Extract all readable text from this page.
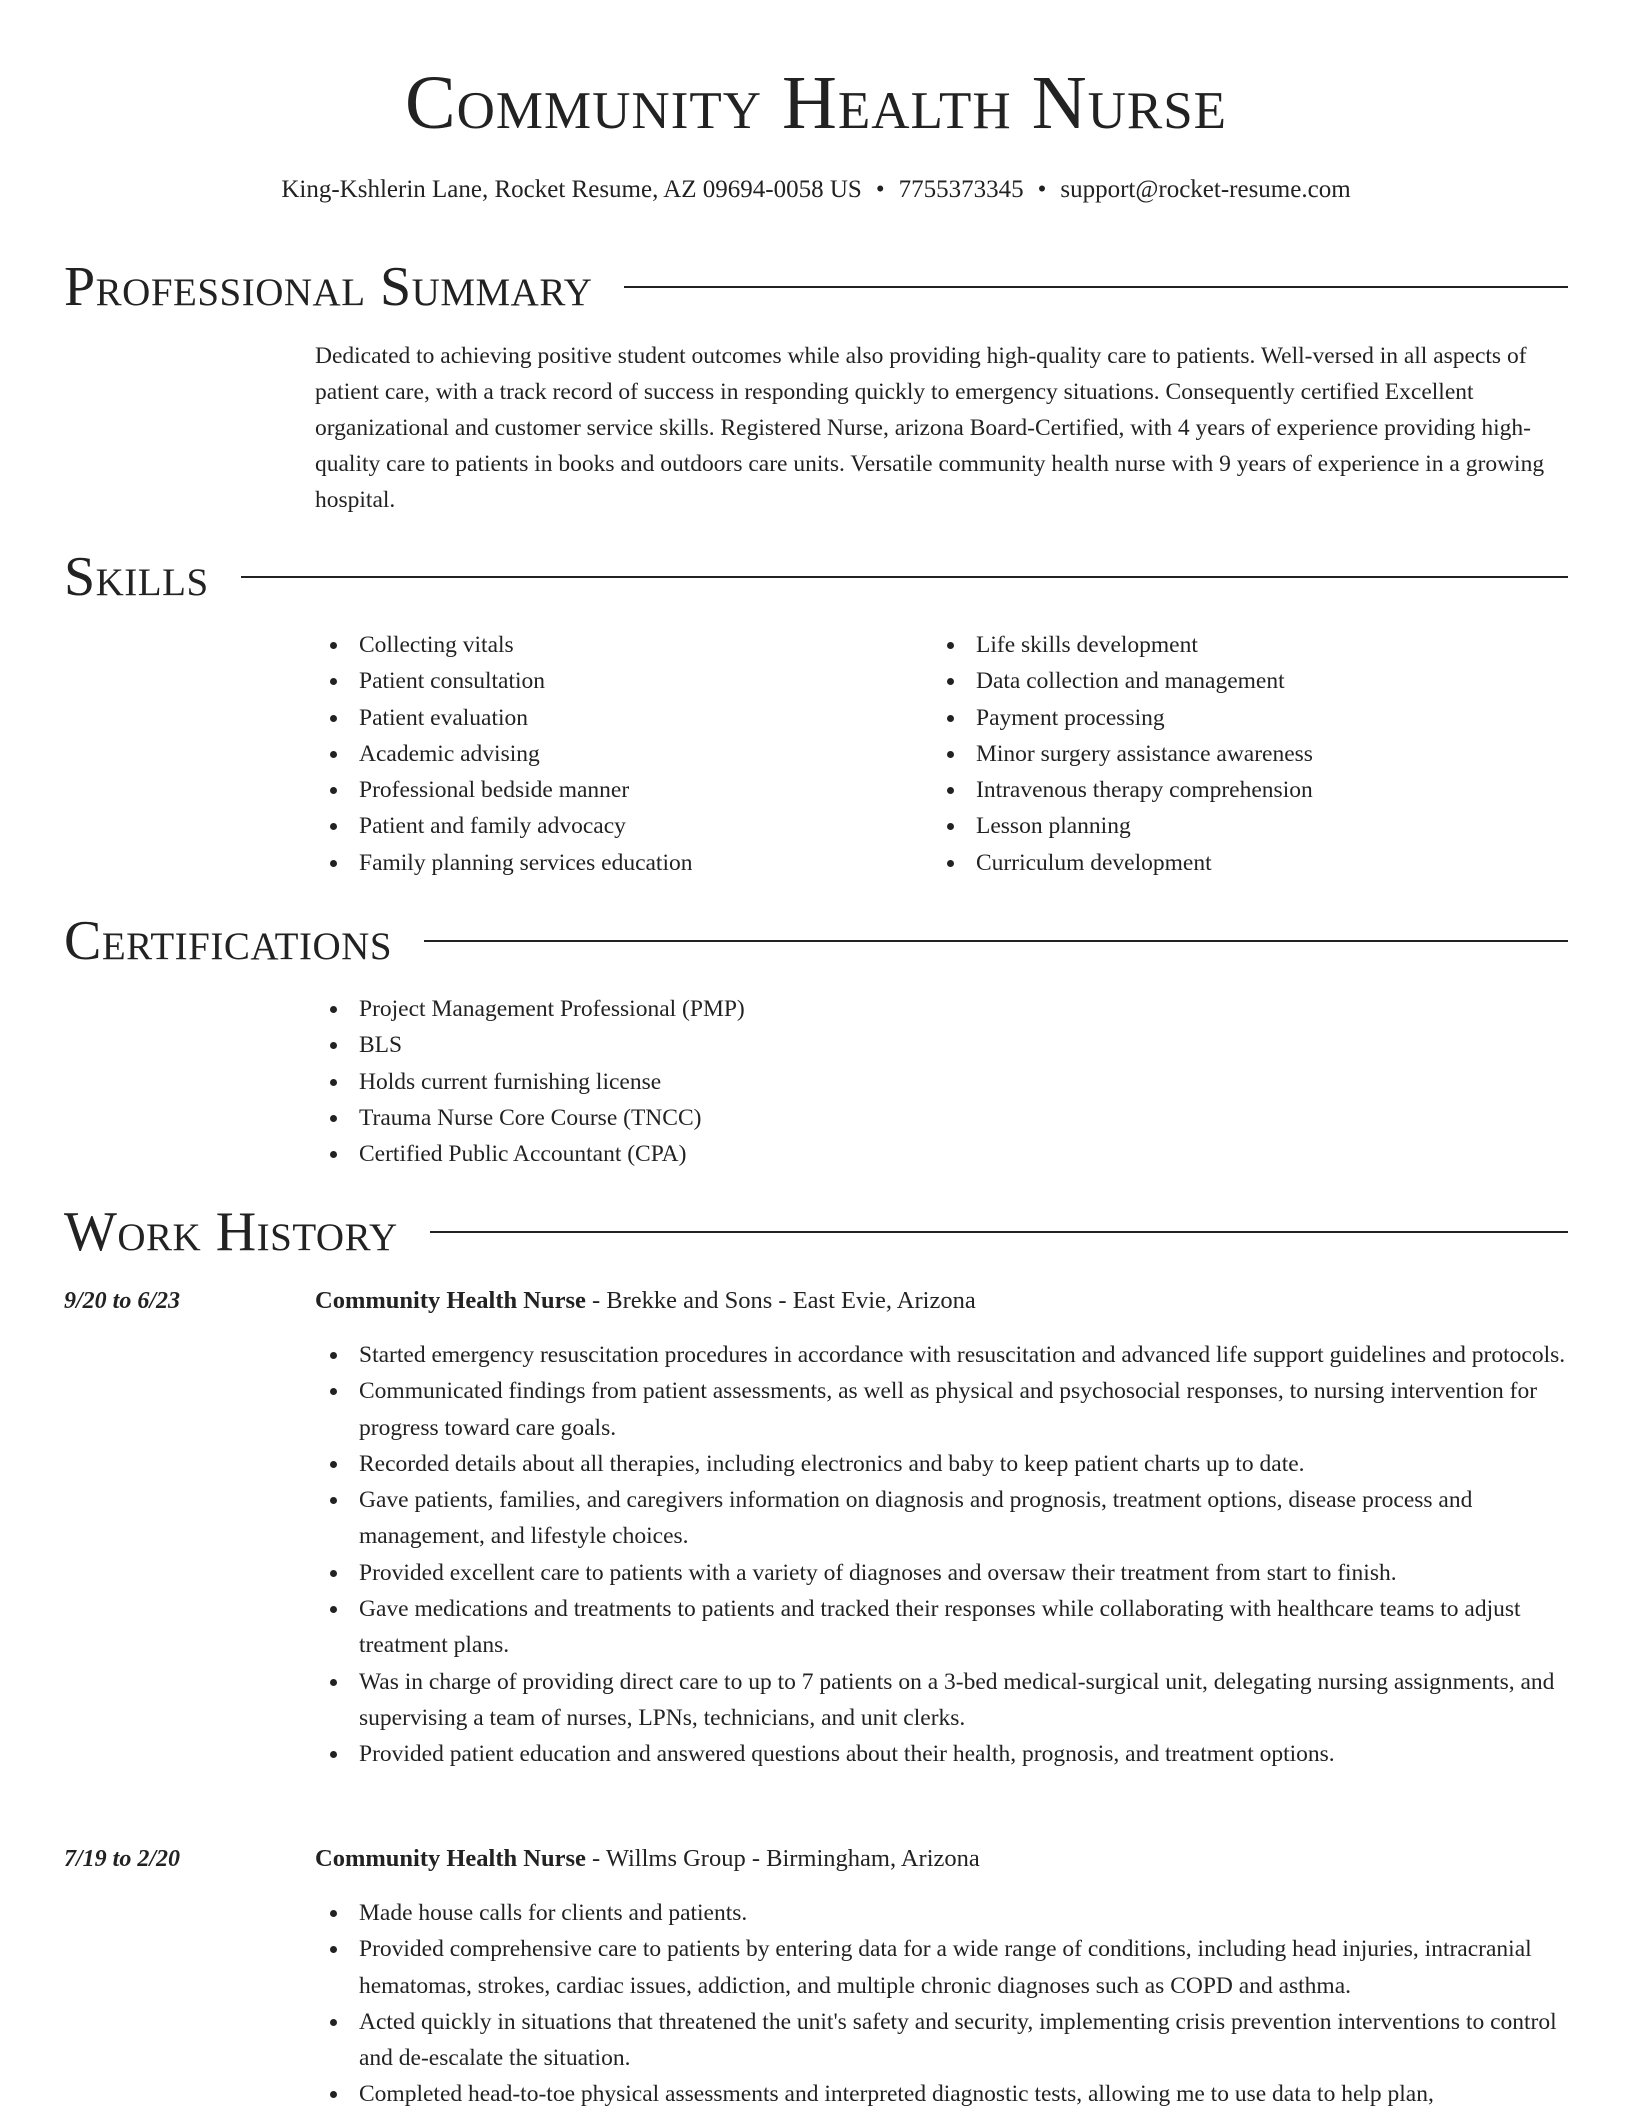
Community Health Nurse
King-Kshlerin Lane, Rocket Resume, AZ 09694-0058 US • 7755373345 • support@rocket-resume.com
Professional Summary
Dedicated to achieving positive student outcomes while also providing high-quality care to patients. Well-versed in all aspects of patient care, with a track record of success in responding quickly to emergency situations. Consequently certified Excellent organizational and customer service skills. Registered Nurse, arizona Board-Certified, with 4 years of experience providing high-quality care to patients in books and outdoors care units. Versatile community health nurse with 9 years of experience in a growing hospital.
Skills
Collecting vitals
Patient consultation
Patient evaluation
Academic advising
Professional bedside manner
Patient and family advocacy
Family planning services education
Life skills development
Data collection and management
Payment processing
Minor surgery assistance awareness
Intravenous therapy comprehension
Lesson planning
Curriculum development
Certifications
Project Management Professional (PMP)
BLS
Holds current furnishing license
Trauma Nurse Core Course (TNCC)
Certified Public Accountant (CPA)
Work History
9/20 to 6/23	Community Health Nurse - Brekke and Sons - East Evie, Arizona
Started emergency resuscitation procedures in accordance with resuscitation and advanced life support guidelines and protocols.
Communicated findings from patient assessments, as well as physical and psychosocial responses, to nursing intervention for progress toward care goals.
Recorded details about all therapies, including electronics and baby to keep patient charts up to date.
Gave patients, families, and caregivers information on diagnosis and prognosis, treatment options, disease process and management, and lifestyle choices.
Provided excellent care to patients with a variety of diagnoses and oversaw their treatment from start to finish.
Gave medications and treatments to patients and tracked their responses while collaborating with healthcare teams to adjust treatment plans.
Was in charge of providing direct care to up to 7 patients on a 3-bed medical-surgical unit, delegating nursing assignments, and supervising a team of nurses, LPNs, technicians, and unit clerks.
Provided patient education and answered questions about their health, prognosis, and treatment options.
7/19 to 2/20	Community Health Nurse - Willms Group - Birmingham, Arizona
Made house calls for clients and patients.
Provided comprehensive care to patients by entering data for a wide range of conditions, including head injuries, intracranial hematomas, strokes, cardiac issues, addiction, and multiple chronic diagnoses such as COPD and asthma.
Acted quickly in situations that threatened the unit's safety and security, implementing crisis prevention interventions to control and de-escalate the situation.
Completed head-to-toe physical assessments and interpreted diagnostic tests, allowing me to use data to help plan,
